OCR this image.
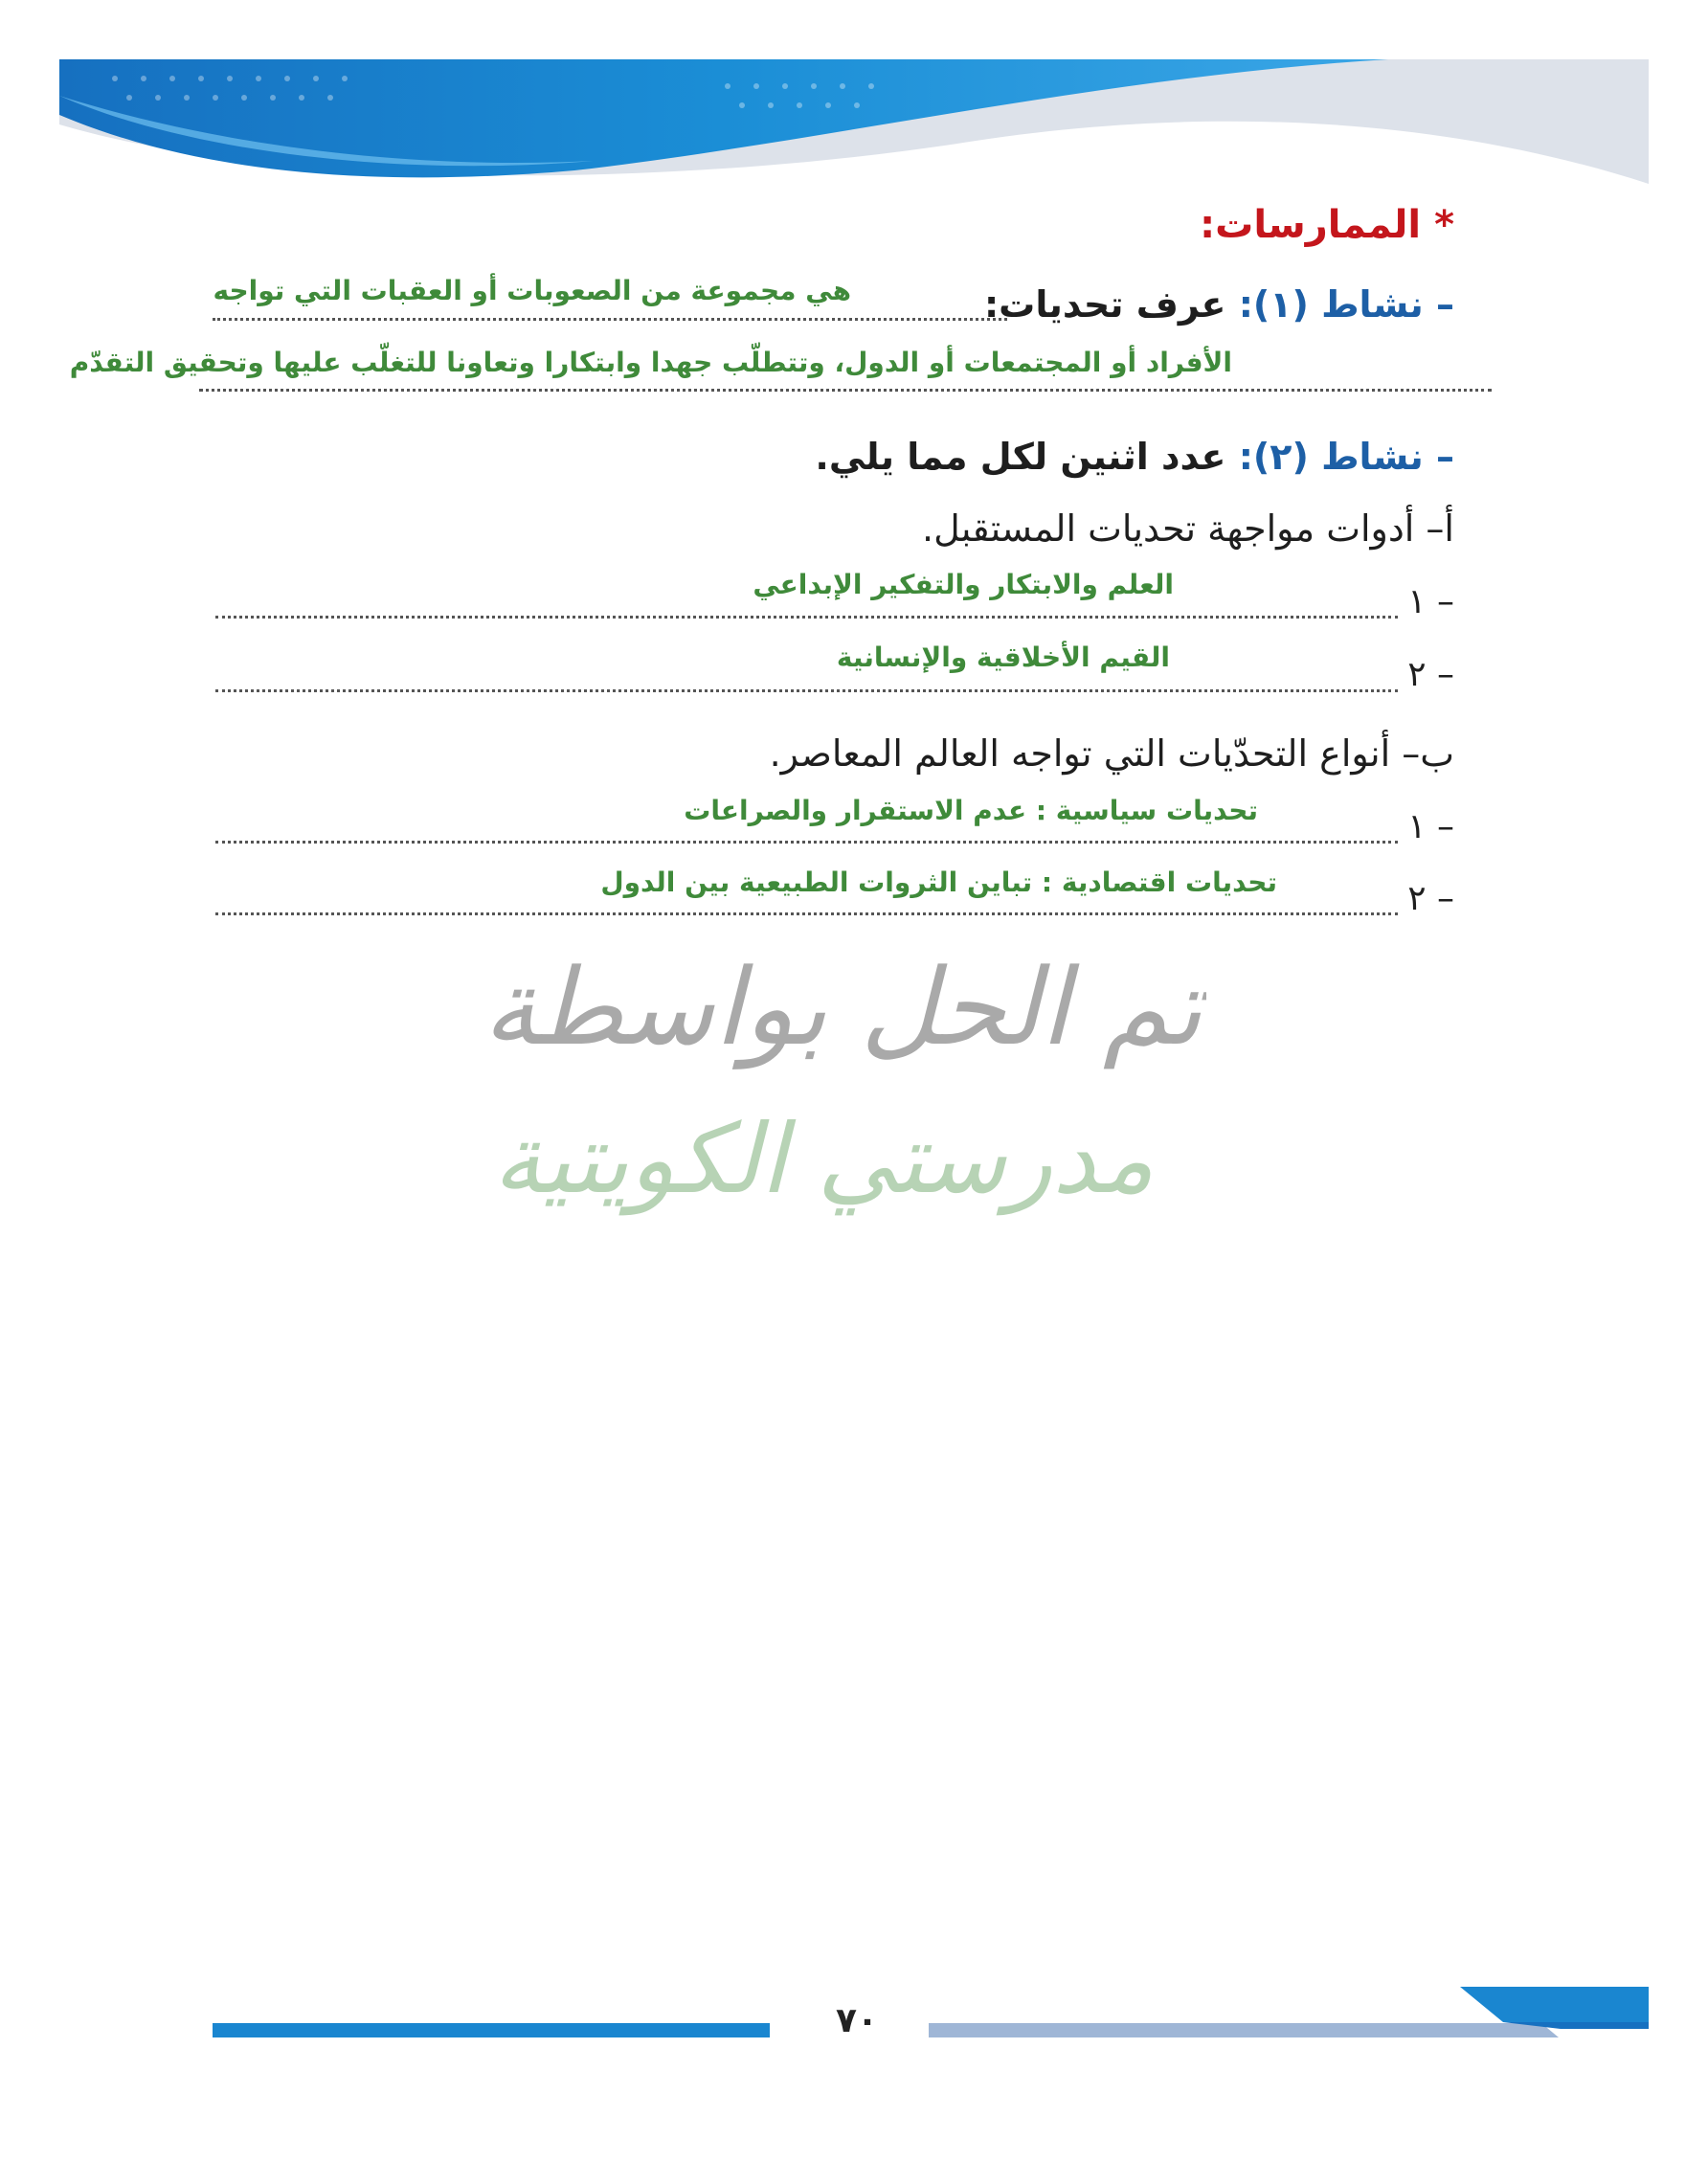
* الممارسات:
– نشاط (١): عرف تحديات:
هي مجموعة من الصعوبات أو العقبات التي تواجه
الأفراد أو المجتمعات أو الدول، وتتطلّب جهدا وابتكارا وتعاونا للتغلّب عليها وتحقيق التقدّم
– نشاط (٢): عدد اثنين لكل مما يلي.
أ– أدوات مواجهة تحديات المستقبل.
العلم والابتكار والتفكير الإبداعي	١ –
القيم الأخلاقية والإنسانية	٢ –
ب– أنواع التحدّيات التي تواجه العالم المعاصر.
تحديات سياسية : عدم الاستقرار والصراعات	١ –
تحديات اقتصادية : تباين الثروات الطبيعية بين الدول	٢ –
تم الحل بواسطة
مدرستي الكويتية
٧٠
